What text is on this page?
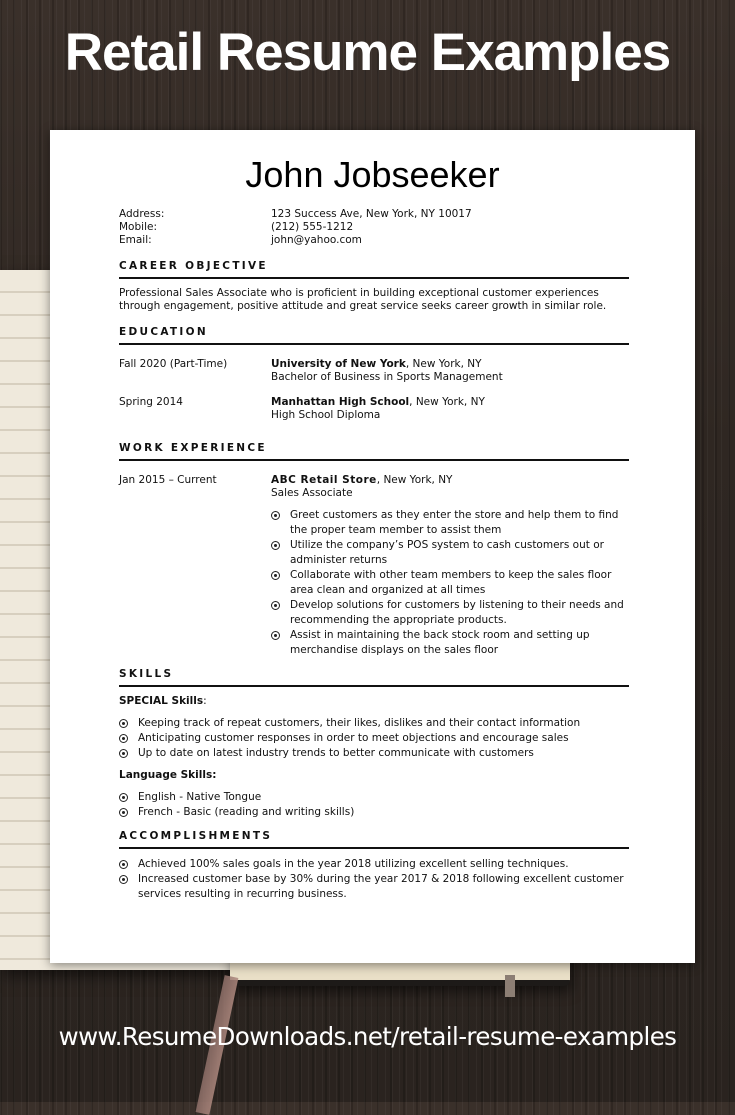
Retail Resume Examples
John Jobseeker
Address:	123 Success Ave, New York, NY 10017
Mobile:	(212) 555-1212
Email:	john@yahoo.com
CAREER OBJECTIVE
Professional Sales Associate who is proficient in building exceptional customer experiences through engagement, positive attitude and great service seeks career growth in similar role.
EDUCATION
Fall 2020 (Part-Time)	University of New York, New York, NY
Bachelor of Business in Sports Management
Spring 2014	Manhattan High School, New York, NY
High School Diploma
WORK EXPERIENCE
Jan 2015 – Current	ABC Retail Store, New York, NY
Sales Associate
Greet customers as they enter the store and help them to find the proper team member to assist them
Utilize the company’s POS system to cash customers out or administer returns
Collaborate with other team members to keep the sales floor area clean and organized at all times
Develop solutions for customers by listening to their needs and recommending the appropriate products.
Assist in maintaining the back stock room and setting up merchandise displays on the sales floor
SKILLS
SPECIAL Skills:
Keeping track of repeat customers, their likes, dislikes and their contact information
Anticipating customer responses in order to meet objections and encourage sales
Up to date on latest industry trends to better communicate with customers
Language Skills:
English - Native Tongue
French - Basic (reading and writing skills)
ACCOMPLISHMENTS
Achieved 100% sales goals in the year 2018 utilizing excellent selling techniques.
Increased customer base by 30% during the year 2017 & 2018 following excellent customer services resulting in recurring business.
www.ResumeDownloads.net/retail-resume-examples
